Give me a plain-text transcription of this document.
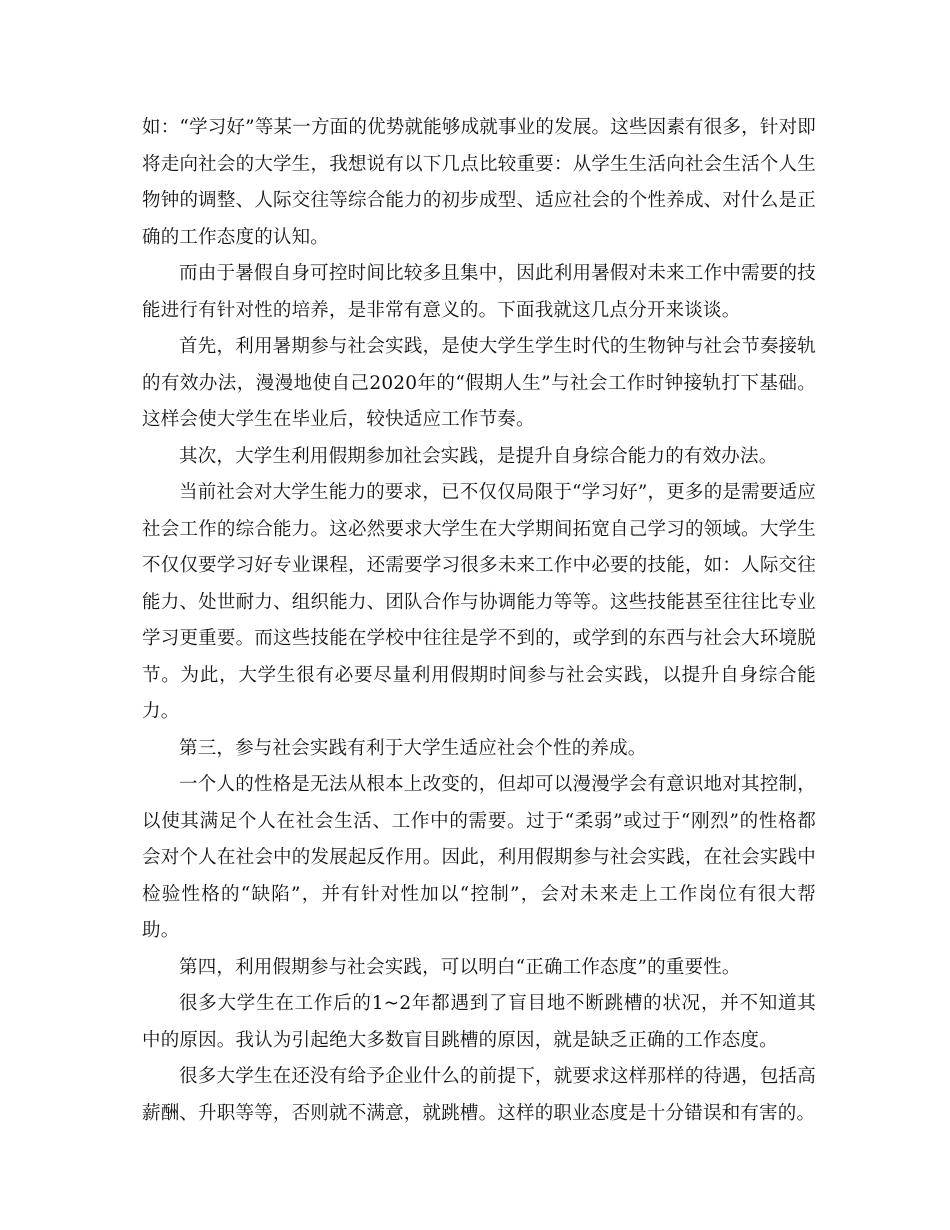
如：“学习好”等某一方面的优势就能够成就事业的发展。这些因素有很多，针对即将走向社会的大学生，我想说有以下几点比较重要：从学生生活向社会生活个人生物钟的调整、人际交往等综合能力的初步成型、适应社会的个性养成、对什么是正确的工作态度的认知。

而由于暑假自身可控时间比较多且集中，因此利用暑假对未来工作中需要的技能进行有针对性的培养，是非常有意义的。下面我就这几点分开来谈谈。

首先，利用暑期参与社会实践，是使大学生学生时代的生物钟与社会节奏接轨的有效办法，漫漫地使自己2020年的“假期人生”与社会工作时钟接轨打下基础。这样会使大学生在毕业后，较快适应工作节奏。

其次，大学生利用假期参加社会实践，是提升自身综合能力的有效办法。

当前社会对大学生能力的要求，已不仅仅局限于“学习好”，更多的是需要适应社会工作的综合能力。这必然要求大学生在大学期间拓宽自己学习的领域。大学生不仅仅要学习好专业课程，还需要学习很多未来工作中必要的技能，如：人际交往能力、处世耐力、组织能力、团队合作与协调能力等等。这些技能甚至往往比专业学习更重要。而这些技能在学校中往往是学不到的，或学到的东西与社会大环境脱节。为此，大学生很有必要尽量利用假期时间参与社会实践，以提升自身综合能力。

第三，参与社会实践有利于大学生适应社会个性的养成。

一个人的性格是无法从根本上改变的，但却可以漫漫学会有意识地对其控制，以使其满足个人在社会生活、工作中的需要。过于“柔弱”或过于“刚烈”的性格都会对个人在社会中的发展起反作用。因此，利用假期参与社会实践，在社会实践中检验性格的“缺陷”，并有针对性加以“控制”，会对未来走上工作岗位有很大帮助。

第四，利用假期参与社会实践，可以明白“正确工作态度”的重要性。

很多大学生在工作后的1~2年都遇到了盲目地不断跳槽的状况，并不知道其中的原因。我认为引起绝大多数盲目跳槽的原因，就是缺乏正确的工作态度。

很多大学生在还没有给予企业什么的前提下，就要求这样那样的待遇，包括高薪酬、升职等等，否则就不满意，就跳槽。这样的职业态度是十分错误和有害的。
